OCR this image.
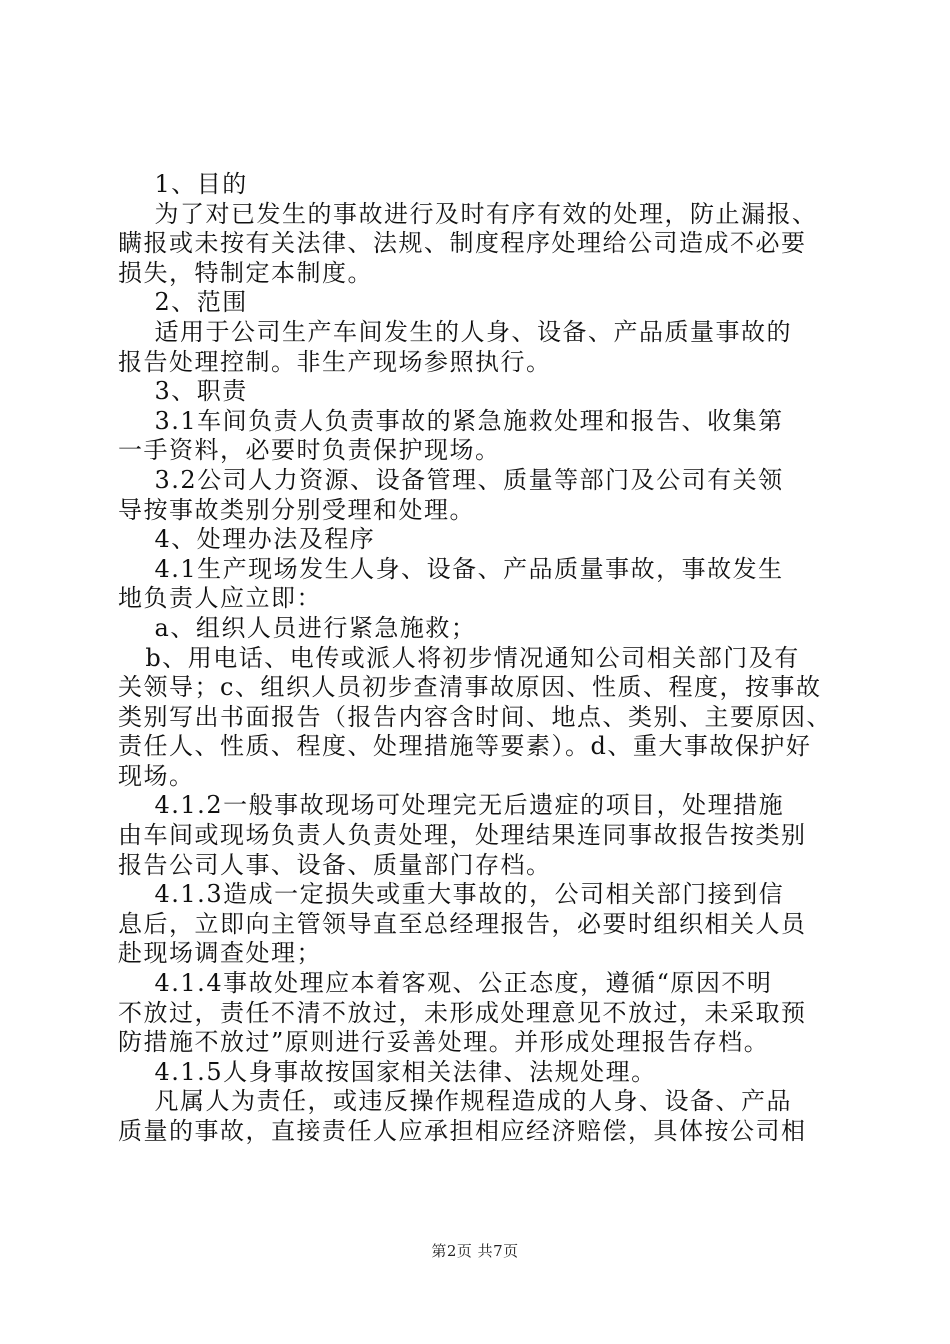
1、目的
为了对已发生的事故进行及时有序有效的处理，防止漏报、
瞒报或未按有关法律、法规、制度程序处理给公司造成不必要
损失，特制定本制度。
2、范围
适用于公司生产车间发生的人身、设备、产品质量事故的
报告处理控制。非生产现场参照执行。
3、职责
3.1车间负责人负责事故的紧急施救处理和报告、收集第
一手资料，必要时负责保护现场。
3.2公司人力资源、设备管理、质量等部门及公司有关领
导按事故类别分别受理和处理。
4、处理办法及程序
4.1生产现场发生人身、设备、产品质量事故，事故发生
地负责人应立即：
a、组织人员进行紧急施救；
b、用电话、电传或派人将初步情况通知公司相关部门及有
关领导；c、组织人员初步查清事故原因、性质、程度，按事故
类别写出书面报告（报告内容含时间、地点、类别、主要原因、
责任人、性质、程度、处理措施等要素）。d、重大事故保护好
现场。
4.1.2一般事故现场可处理完无后遗症的项目，处理措施
由车间或现场负责人负责处理，处理结果连同事故报告按类别
报告公司人事、设备、质量部门存档。
4.1.3造成一定损失或重大事故的，公司相关部门接到信
息后，立即向主管领导直至总经理报告，必要时组织相关人员
赴现场调查处理；
4.1.4事故处理应本着客观、公正态度，遵循“原因不明
不放过，责任不清不放过，未形成处理意见不放过，未采取预
防措施不放过”原则进行妥善处理。并形成处理报告存档。
4.1.5人身事故按国家相关法律、法规处理。
凡属人为责任，或违反操作规程造成的人身、设备、产品
质量的事故，直接责任人应承担相应经济赔偿，具体按公司相
第2页 共7页
